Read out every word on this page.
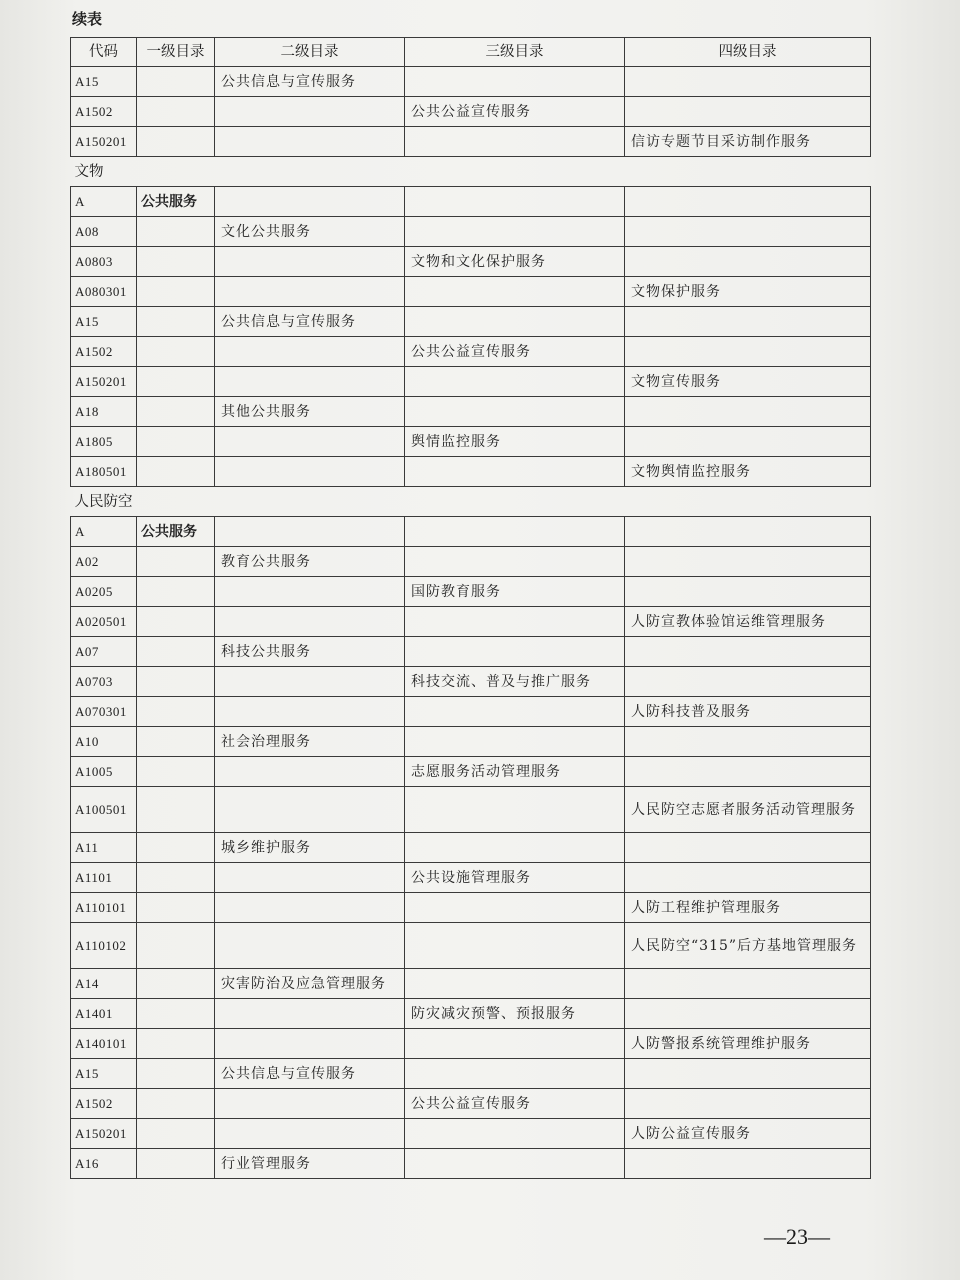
续表
代码	一级目录	二级目录	三级目录	四级目录
A15		公共信息与宣传服务		
A1502			公共公益宣传服务	
A150201				信访专题节目采访制作服务
文物				
A	公共服务			
A08		文化公共服务		
A0803			文物和文化保护服务	
A080301				文物保护服务
A15		公共信息与宣传服务		
A1502			公共公益宣传服务	
A150201				文物宣传服务
A18		其他公共服务		
A1805			舆情监控服务	
A180501				文物舆情监控服务
人民防空				
A	公共服务			
A02		教育公共服务		
A0205			国防教育服务	
A020501				人防宣教体验馆运维管理服务
A07		科技公共服务		
A0703			科技交流、普及与推广服务	
A070301				人防科技普及服务
A10		社会治理服务		
A1005			志愿服务活动管理服务	
A100501				人民防空志愿者服务活动管理服务
A11		城乡维护服务		
A1101			公共设施管理服务	
A110101				人防工程维护管理服务
A110102				人民防空“315”后方基地管理服务
A14		灾害防治及应急管理服务		
A1401			防灾减灾预警、预报服务	
A140101				人防警报系统管理维护服务
A15		公共信息与宣传服务		
A1502			公共公益宣传服务	
A150201				人防公益宣传服务
A16		行业管理服务		
—23—
